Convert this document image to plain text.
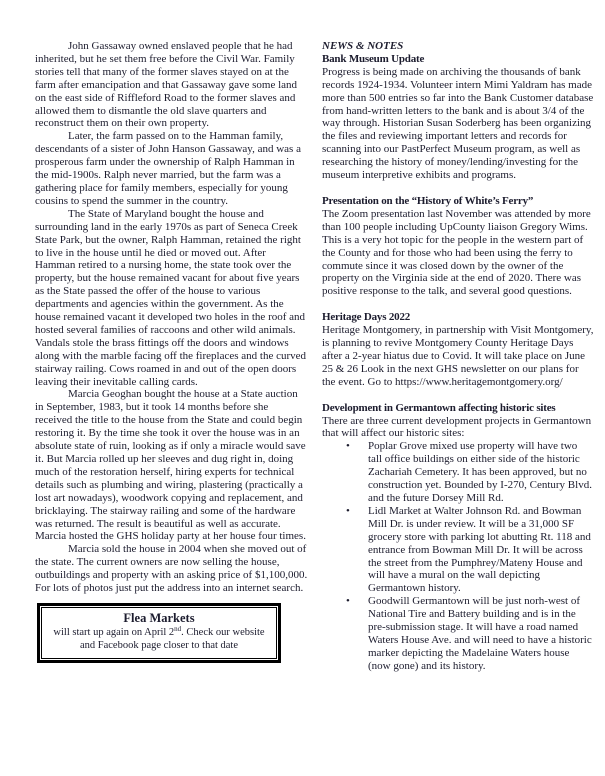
John Gassaway owned enslaved people that he had inherited, but he set them free before the Civil War. Family stories tell that many of the former slaves stayed on at the farm after emancipation and that Gassaway gave some land on the east side of Riffleford Road to the former slaves and allowed them to dismantle the old slave quarters and reconstruct them on their own property.

Later, the farm passed on to the Hamman family, descendants of a sister of John Hanson Gassaway, and was a prosperous farm under the ownership of Ralph Hamman in the mid-1900s. Ralph never married, but the farm was a gathering place for family members, especially for young cousins to spend the summer in the country.

The State of Maryland bought the house and surrounding land in the early 1970s as part of Seneca Creek State Park, but the owner, Ralph Hamman, retained the right to live in the house until he died or moved out. After Hamman retired to a nursing home, the state took over the property, but the house remained vacant for about five years as the State passed the offer of the house to various departments and agencies within the government. As the house remained vacant it developed two holes in the roof and hosted several families of raccoons and other wild animals. Vandals stole the brass fittings off the doors and windows along with the marble facing off the fireplaces and the curved stairway railing. Cows roamed in and out of the open doors leaving their inevitable calling cards.

Marcia Geoghan bought the house at a State auction in September, 1983, but it took 14 months before she received the title to the house from the State and could begin restoring it. By the time she took it over the house was in an absolute state of ruin, looking as if only a miracle would save it. But Marcia rolled up her sleeves and dug right in, doing much of the restoration herself, hiring experts for technical details such as plumbing and wiring, plastering (practically a lost art nowadays), woodwork copying and replacement, and bricklaying. The stairway railing and some of the hardware was returned. The result is beautiful as well as accurate. Marcia hosted the GHS holiday party at her house four times.

Marcia sold the house in 2004 when she moved out of the state. The current owners are now selling the house, outbuildings and property with an asking price of $1,100,000. For lots of photos just put the address into an internet search.

Flea Markets
will start up again on April 2nd. Check our website
and Facebook page closer to that date
NEWS & NOTES
Bank Museum Update

Progress is being made on archiving the thousands of bank records 1924-1934. Volunteer intern Mimi Yaldram has made more than 500 entries so far into the Bank Customer database from hand-written letters to the bank and is about 3/4 of the way through. Historian Susan Soderberg has been organizing the files and reviewing important letters and records for scanning into our PastPerfect Museum program, as well as researching the history of money/lending/investing for the museum interpretive exhibits and programs.

Presentation on the “History of White’s Ferry”

The Zoom presentation last November was attended by more than 100 people including UpCounty liaison Gregory Wims. This is a very hot topic for the people in the western part of the County and for those who had been using the ferry to commute since it was closed down by the owner of the property on the Virginia side at the end of 2020. There was positive response to the talk, and several good questions.

Heritage Days 2022

Heritage Montgomery, in partnership with Visit Montgomery, is planning to revive Montgomery County Heritage Days after a 2-year hiatus due to Covid. It will take place on June 25 & 26 Look in the next GHS newsletter on our plans for the event. Go to https://www.heritagemontgomery.org/

Development in Germantown affecting historic sites

There are three current development projects in Germantown that will affect our historic sites:

• Poplar Grove mixed use property will have two tall office buildings on either side of the historic Zachariah Cemetery. It has been approved, but no construction yet. Bounded by I-270, Century Blvd. and the future Dorsey Mill Rd.
• Lidl Market at Walter Johnson Rd. and Bowman Mill Dr. is under review. It will be a 31,000 SF grocery store with parking lot abutting Rt. 118 and entrance from Bowman Mill Dr. It will be across the street from the Pumphrey/Mateny House and will have a mural on the wall depicting Germantown history.
• Goodwill Germantown will be just norh-west of National Tire and Battery building and is in the pre-submission stage. It will have a road named Waters House Ave. and will need to have a historic marker depicting the Madelaine Waters house (now gone) and its history.
